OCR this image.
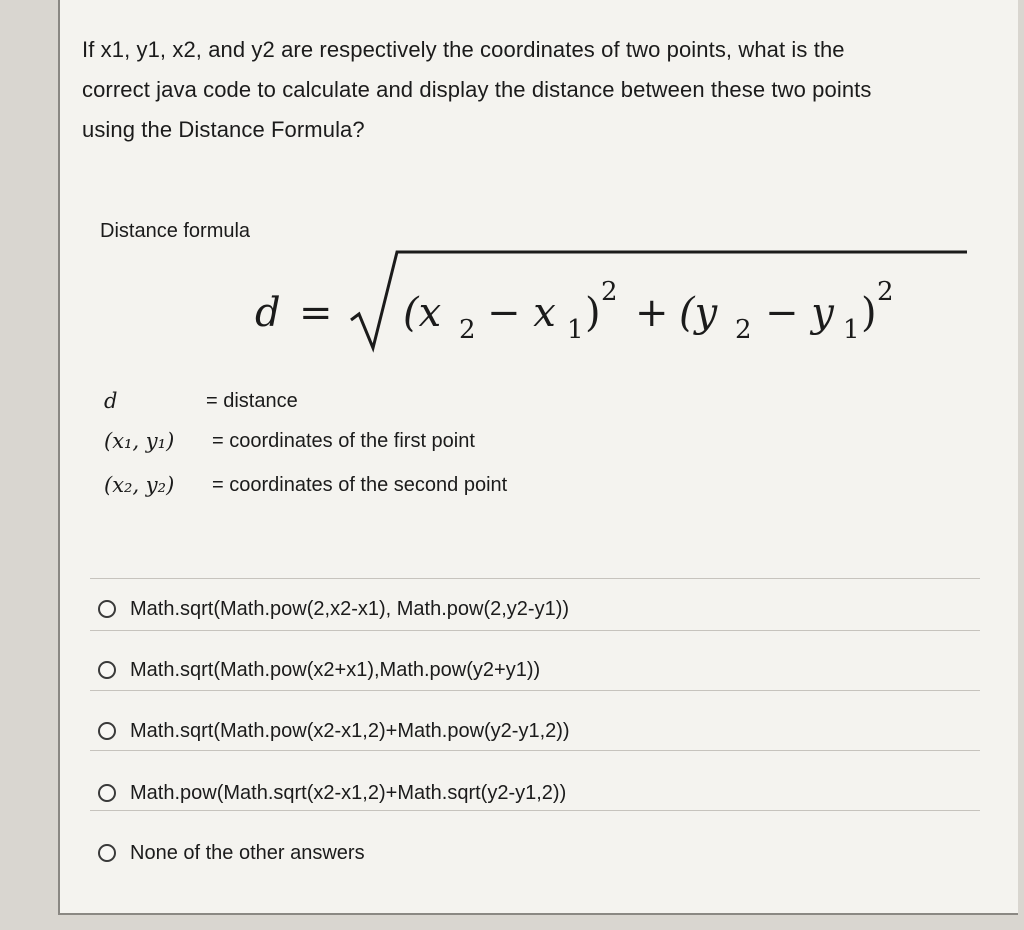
If x1, y1, x2, and y2 are respectively the coordinates of two points, what is the
correct java code to calculate and display the distance between these two points
using the Distance Formula?
Distance formula
d = (x 2 − x 1 ) 2 + (y 2 − y 1 ) 2
d	= distance
(x₁, y₁)	= coordinates of the first point
(x₂, y₂)	= coordinates of the second point
Math.sqrt(Math.pow(2,x2-x1), Math.pow(2,y2-y1))
Math.sqrt(Math.pow(x2+x1),Math.pow(y2+y1))
Math.sqrt(Math.pow(x2-x1,2)+Math.pow(y2-y1,2))
Math.pow(Math.sqrt(x2-x1,2)+Math.sqrt(y2-y1,2))
None of the other answers
